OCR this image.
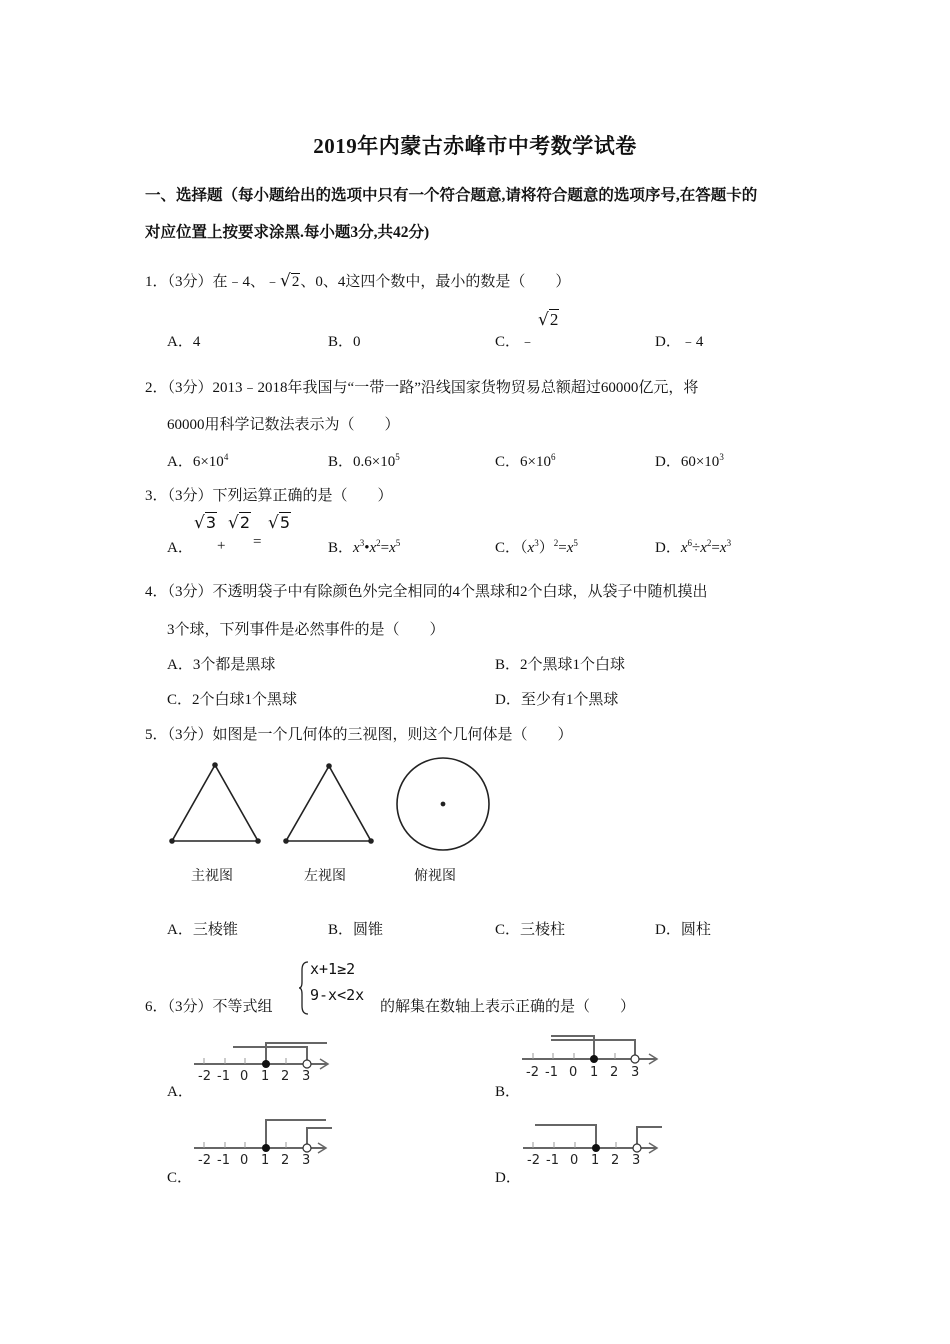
2019年内蒙古赤峰市中考数学试卷
一、选择题（每小题给出的选项中只有一个符合题意,请将符合题意的选项序号,在答题卡的
对应位置上按要求涂黑.每小题3分,共42分)
1．（3分）在﹣4、﹣√2、0、4这四个数中，最小的数是（　　）
A．4	B．0	C．﹣
√2
D．﹣4
2．（3分）2013﹣2018年我国与“一带一路”沿线国家货物贸易总额超过60000亿元，将
60000用科学记数法表示为（　　）
A．$6\times 10^4$	B．$0.6\times 10^5$	C．$6\times 10^6$	D．$60\times 10^3$
3．（3分）下列运算正确的是（　　）
A．
√3
+
√2
=
√5
B．$x^3•x^2=x^5$	C．$(x^3)^2=x^5$	D．$x^6\div x^2=x^3$
4．（3分）不透明袋子中有除颜色外完全相同的4个黑球和2个白球，从袋子中随机摸出
3个球，下列事件是必然事件的是（　　）
A．3个都是黑球	B．2个黑球1个白球
C．2个白球1个黑球	D．至少有1个黑球
5．（3分）如图是一个几何体的三视图，则这个几何体是（　　）
主视图	左视图	俯视图
A．三棱锥	B．圆锥	C．三棱柱	D．圆柱
6．（3分）不等式组
x+1≥2
9-x<2x
的解集在数轴上表示正确的是（　　）
-2 -1 0 1 2 3	-2 -1 0 1 2 3
-2 -1 0 1 2 3	-2 -1 0 1 2 3
A．	B．
C．	D．
